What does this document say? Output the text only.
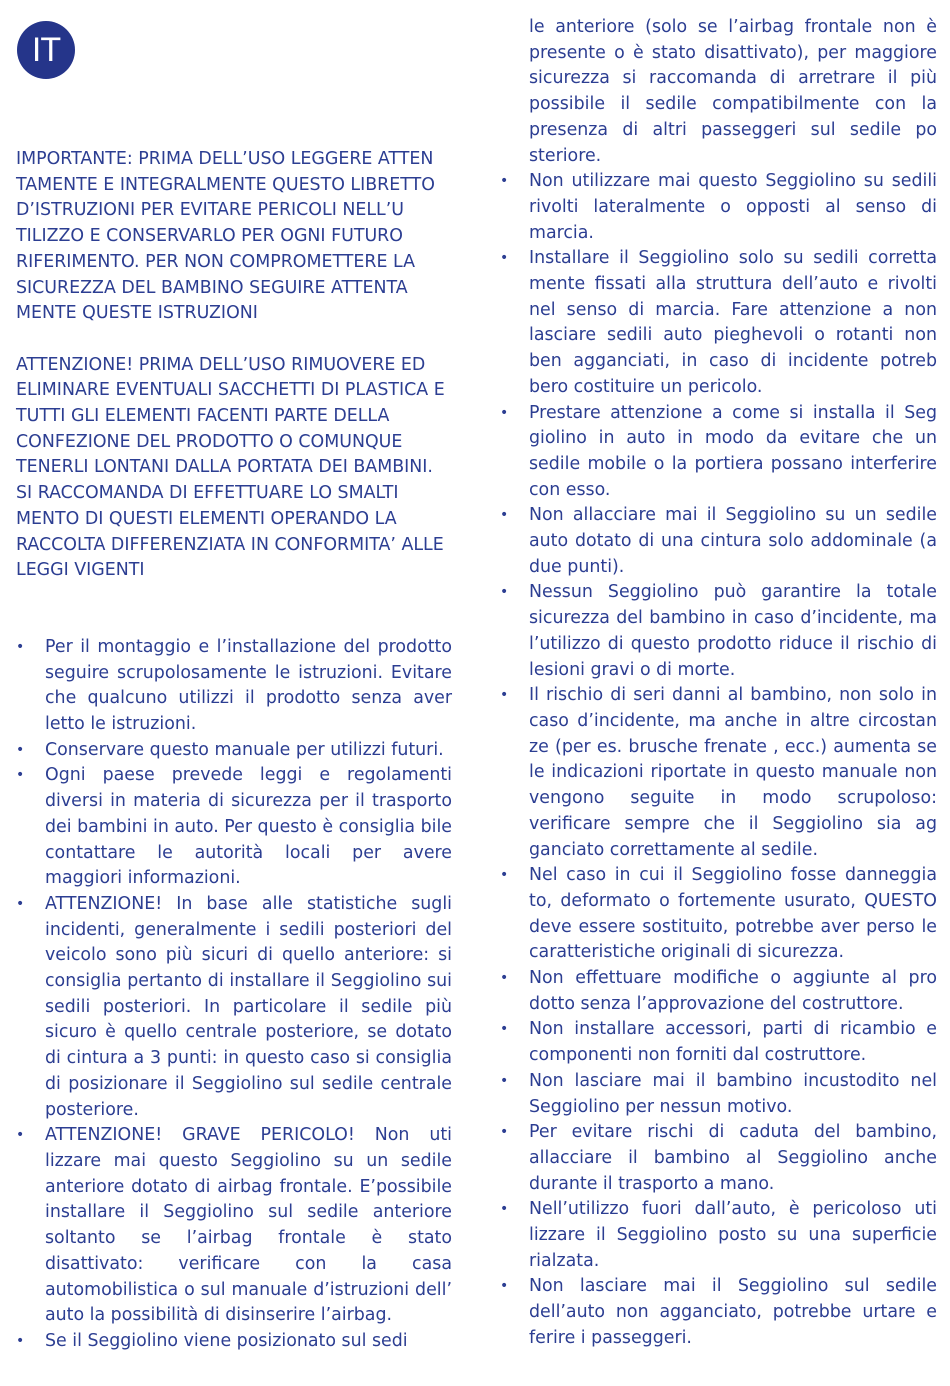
IT

IMPORTANTE: PRIMA DELL’USO LEGGERE ATTEN TAMENTE E INTEGRALMENTE QUESTO LIBRETTO D’ISTRUZIONI PER EVITARE PERICOLI NELL’U TILIZZO E CONSERVARLO PER OGNI FUTURO RIFERIMENTO. PER NON COMPROMETTERE LA SICUREZZA DEL BAMBINO SEGUIRE ATTENTA MENTE QUESTE ISTRUZIONI

ATTENZIONE! PRIMA DELL’USO RIMUOVERE ED ELIMINARE EVENTUALI SACCHETTI DI PLASTICA E TUTTI GLI ELEMENTI FACENTI PARTE DELLA CONFEZIONE DEL PRODOTTO O COMUNQUE TENERLI LONTANI DALLA PORTATA DEI BAMBINI. SI RACCOMANDA DI EFFETTUARE LO SMALTI MENTO DI QUESTI ELEMENTI OPERANDO LA RACCOLTA DIFFERENZIATA IN CONFORMITA’ ALLE LEGGI VIGENTI

• Per il montaggio e l’installazione del prodotto seguire scrupolosamente le istruzioni. Evitare che qualcuno utilizzi il prodotto senza aver letto le istruzioni.
• Conservare questo manuale per utilizzi futuri.
• Ogni paese prevede leggi e regolamenti diversi in materia di sicurezza per il trasporto dei bambini in auto. Per questo è consiglia bile contattare le autorità locali per avere maggiori informazioni.
• ATTENZIONE! In base alle statistiche sugli incidenti, generalmente i sedili posteriori del veicolo sono più sicuri di quello anteriore: si consiglia pertanto di installare il Seggiolino sui sedili posteriori. In particolare il sedile più sicuro è quello centrale posteriore, se dotato di cintura a 3 punti: in questo caso si consiglia di posizionare il Seggiolino sul sedile centrale posteriore.
• ATTENZIONE! GRAVE PERICOLO! Non uti lizzare mai questo Seggiolino su un sedile anteriore dotato di airbag frontale. E’possibile installare il Seggiolino sul sedile anteriore soltanto se l’airbag frontale è stato disattivato: verificare con la casa automobilistica o sul manuale d’istruzioni dell’ auto la possibilità di disinserire l’airbag.
• Se il Seggiolino viene posizionato sul sedi

le anteriore (solo se l’airbag frontale non è presente o è stato disattivato), per maggiore sicurezza si raccomanda di arretrare il più possibile il sedile compatibilmente con la presenza di altri passeggeri sul sedile po steriore.

• Non utilizzare mai questo Seggiolino su sedili rivolti lateralmente o opposti al senso di marcia.
• Installare il Seggiolino solo su sedili corretta mente fissati alla struttura dell’auto e rivolti nel senso di marcia. Fare attenzione a non lasciare sedili auto pieghevoli o rotanti non ben agganciati, in caso di incidente potreb bero costituire un pericolo.
• Prestare attenzione a come si installa il Seg giolino in auto in modo da evitare che un sedile mobile o la portiera possano interferire con esso.
• Non allacciare mai il Seggiolino su un sedile auto dotato di una cintura solo addominale (a due punti).
• Nessun Seggiolino può garantire la totale sicurezza del bambino in caso d’incidente, ma l’utilizzo di questo prodotto riduce il rischio di lesioni gravi o di morte.
• Il rischio di seri danni al bambino, non solo in caso d’incidente, ma anche in altre circostan ze (per es. brusche frenate , ecc.) aumenta se le indicazioni riportate in questo manuale non vengono seguite in modo scrupoloso: verificare sempre che il Seggiolino sia ag ganciato correttamente al sedile.
• Nel caso in cui il Seggiolino fosse danneggia to, deformato o fortemente usurato, QUESTO deve essere sostituito, potrebbe aver perso le caratteristiche originali di sicurezza.
• Non effettuare modifiche o aggiunte al pro dotto senza l’approvazione del costruttore.
• Non installare accessori, parti di ricambio e componenti non forniti dal costruttore.
• Non lasciare mai il bambino incustodito nel Seggiolino per nessun motivo.
• Per evitare rischi di caduta del bambino, allacciare il bambino al Seggiolino anche durante il trasporto a mano.
• Nell’utilizzo fuori dall’auto, è pericoloso uti lizzare il Seggiolino posto su una superficie rialzata.
• Non lasciare mai il Seggiolino sul sedile dell’auto non agganciato, potrebbe urtare e ferire i passeggeri.
